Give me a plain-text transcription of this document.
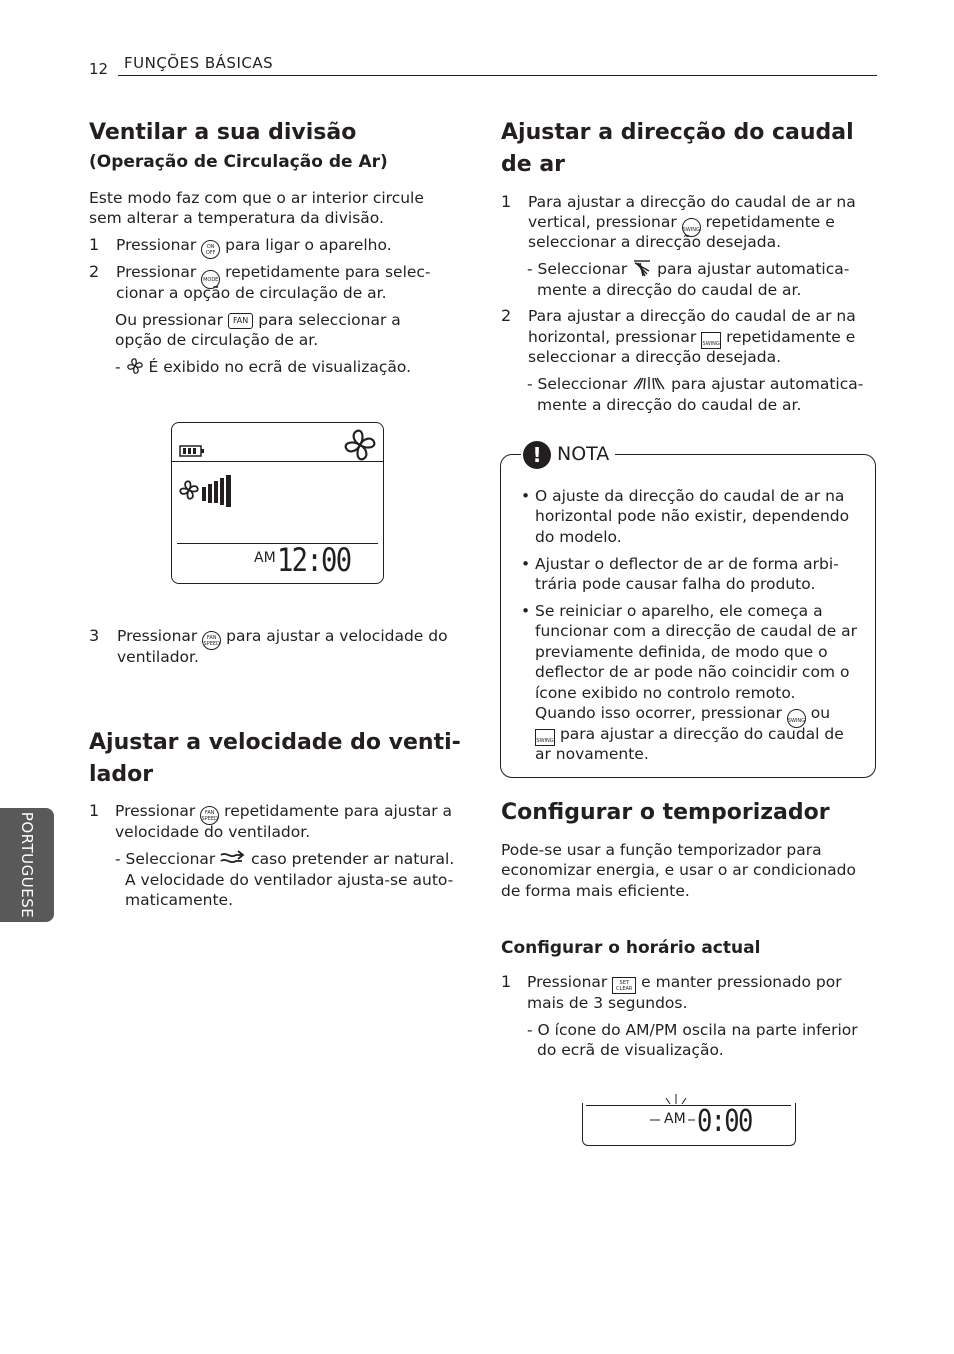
12 FUNÇÕES BÁSICAS
PORTUGUESE
Ventilar a sua divisão
(Operação de Circulação de Ar)
Este modo faz com que o ar interior circule
sem alterar a temperatura da divisão.
1 Pressionar ON
OFF para ligar o aparelho.
2 Pressionar MODE repetidamente para selec-
cionar a opção de circulação de ar.
Ou pressionar FAN para seleccionar a
opção de circulação de ar.
-  É exibido no ecrã de visualização.
AM 12:00
3 Pressionar FAN
SPEED para ajustar a velocidade do
ventilador.
Ajustar a velocidade do venti-
lador
1 Pressionar FAN
SPEED repetidamente para ajustar a
velocidade do ventilador.
- Seleccionar caso pretender ar natural.
A velocidade do ventilador ajusta-se auto-
maticamente.
Ajustar a direcção do caudal
de ar
1 Para ajustar a direcção do caudal de ar na
vertical, pressionar SWING repetidamente e
seleccionar a direcção desejada.
- Seleccionar para ajustar automatica-
mente a direcção do caudal de ar.
2 Para ajustar a direcção do caudal de ar na
horizontal, pressionar SWING repetidamente e
seleccionar a direcção desejada.
- Seleccionar	para ajustar automatica-
mente a direcção do caudal de ar.
! NOTA
• O ajuste da direcção do caudal de ar na
horizontal pode não existir, dependendo
do modelo.
• Ajustar o deflector de ar de forma arbi-
trária pode causar falha do produto.
• Se reiniciar o aparelho, ele começa a
funcionar com a direcção de caudal de ar
previamente definida, de modo que o
deflector de ar pode não coincidir com o
ícone exibido no controlo remoto.
Quando isso ocorrer, pressionar SWING ou
SWING para ajustar a direcção do caudal de
ar novamente.
Configurar o temporizador
Pode-se usar a função temporizador para
economizar energia, e usar o ar condicionado
de forma mais eficiente.
Configurar o horário actual
1 Pressionar SET
CLEAR e manter pressionado por
mais de 3 segundos.
- O ícone do AM/PM oscila na parte inferior
do ecrã de visualização.
AM 0:00
